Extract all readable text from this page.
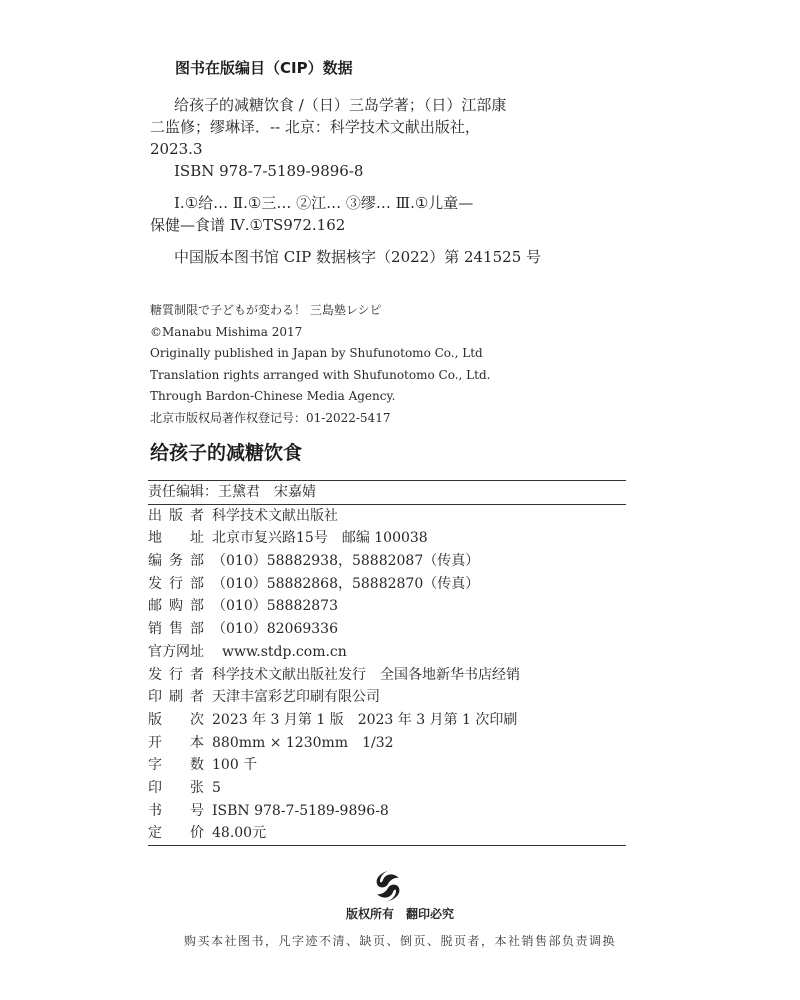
图书在版编目（CIP）数据
给孩子的减糖饮食 /（日）三岛学著；（日）江部康
二监修；缪琳译．-- 北京：科学技术文献出版社，
2023.3
ISBN 978-7-5189-9896-8
Ⅰ.①给… Ⅱ.①三… ②江… ③缪… Ⅲ.①儿童—
保健—食谱 Ⅳ.①TS972.162
中国版本图书馆 CIP 数据核字（2022）第 241525 号
糖質制限で子どもが変わる！ 三島塾レシピ
©Manabu Mishima 2017
Originally published in Japan by Shufunotomo Co., Ltd
Translation rights arranged with Shufunotomo Co., Ltd.
Through Bardon-Chinese Media Agency.
北京市版权局著作权登记号：01-2022-5417
给孩子的减糖饮食
责任编辑：王黛君　宋嘉婧
出版者 科学技术文献出版社
地址 北京市复兴路15号　邮编 100038
编务部 （010）58882938，58882087（传真）
发行部 （010）58882868，58882870（传真）
邮购部 （010）58882873
销售部 （010）82069336
官方网址	www.stdp.com.cn
发行者 科学技术文献出版社发行　全国各地新华书店经销
印刷者 天津丰富彩艺印刷有限公司
版次 2023 年 3 月第 1 版　2023 年 3 月第 1 次印刷
开本 880mm × 1230mm　1/32
字数 100 千
印张 5
书号 ISBN 978-7-5189-9896-8
定价 48.00元
版权所有　翻印必究
购买本社图书，凡字迹不清、缺页、倒页、脱页者，本社销售部负责调换
